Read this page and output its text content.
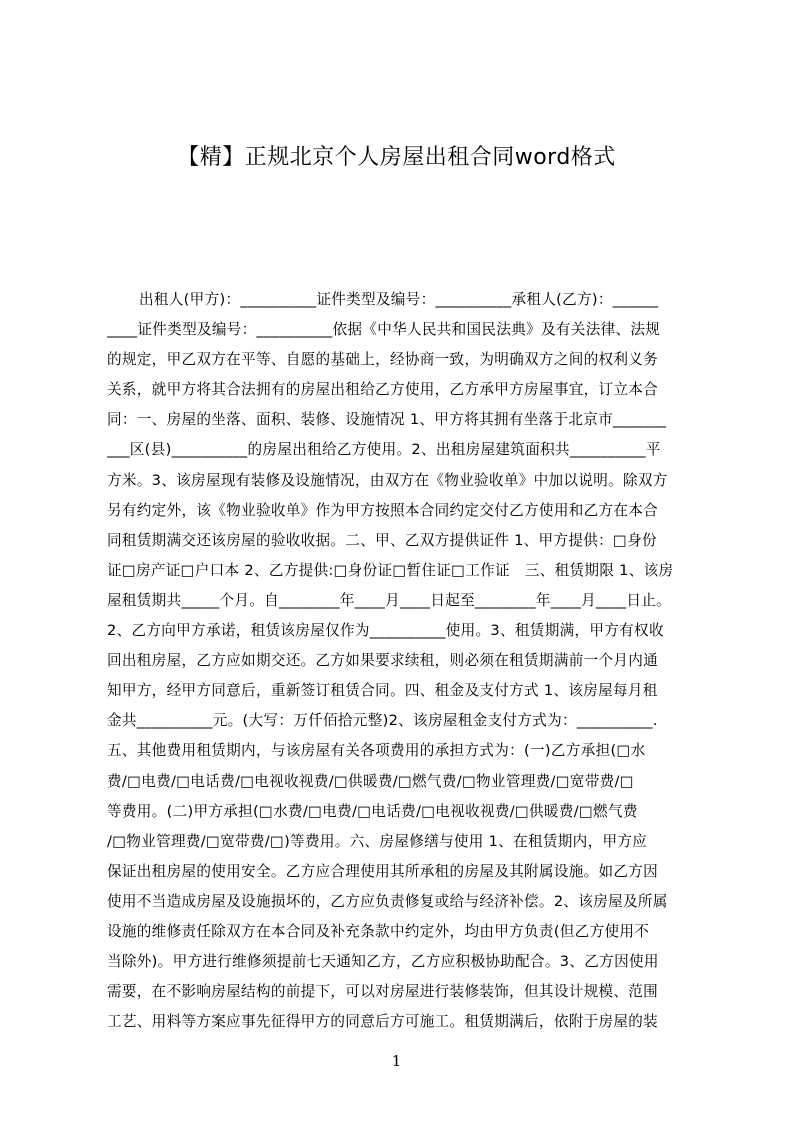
【精】正规北京个人房屋出租合同word格式
出租人(甲方)：__________证件类型及编号：__________承租人(乙方)：______
____证件类型及编号：__________依据《中华人民共和国民法典》及有关法律、法规
的规定，甲乙双方在平等、自愿的基础上，经协商一致，为明确双方之间的权利义务
关系，就甲方将其合法拥有的房屋出租给乙方使用，乙方承甲方房屋事宜，订立本合
同：一、房屋的坐落、面积、装修、设施情况 1、甲方将其拥有坐落于北京市_______
___区(县)__________的房屋出租给乙方使用。2、出租房屋建筑面积共__________平
方米。3、该房屋现有装修及设施情况，由双方在《物业验收单》中加以说明。除双方
另有约定外，该《物业验收单》作为甲方按照本合同约定交付乙方使用和乙方在本合
同租赁期满交还该房屋的验收收据。二、甲、乙双方提供证件 1、甲方提供：□身份
证□房产证□户口本 2、乙方提供:□身份证□暂住证□工作证　三、租赁期限 1、该房
屋租赁期共_____个月。自________年____月____日起至________年____月____日止。
2、乙方向甲方承诺，租赁该房屋仅作为__________使用。3、租赁期满，甲方有权收
回出租房屋，乙方应如期交还。乙方如果要求续租，则必须在租赁期满前一个月内通
知甲方，经甲方同意后，重新签订租赁合同。四、租金及支付方式 1、该房屋每月租
金共__________元。(大写：万仟佰拾元整)2、该房屋租金支付方式为：__________.
五、其他费用租赁期内，与该房屋有关各项费用的承担方式为：(一)乙方承担(□水
费/□电费/□电话费/□电视收视费/□供暖费/□燃气费/□物业管理费/□宽带费/□
等费用。(二)甲方承担(□水费/□电费/□电话费/□电视收视费/□供暖费/□燃气费
/□物业管理费/□宽带费/□)等费用。六、房屋修缮与使用 1、在租赁期内，甲方应
保证出租房屋的使用安全。乙方应合理使用其所承租的房屋及其附属设施。如乙方因
使用不当造成房屋及设施损坏的，乙方应负责修复或给与经济补偿。2、该房屋及所属
设施的维修责任除双方在本合同及补充条款中约定外，均由甲方负责(但乙方使用不
当除外)。甲方进行维修须提前七天通知乙方，乙方应积极协助配合。3、乙方因使用
需要，在不影响房屋结构的前提下，可以对房屋进行装修装饰，但其设计规模、范围
工艺、用料等方案应事先征得甲方的同意后方可施工。租赁期满后，依附于房屋的装
1
